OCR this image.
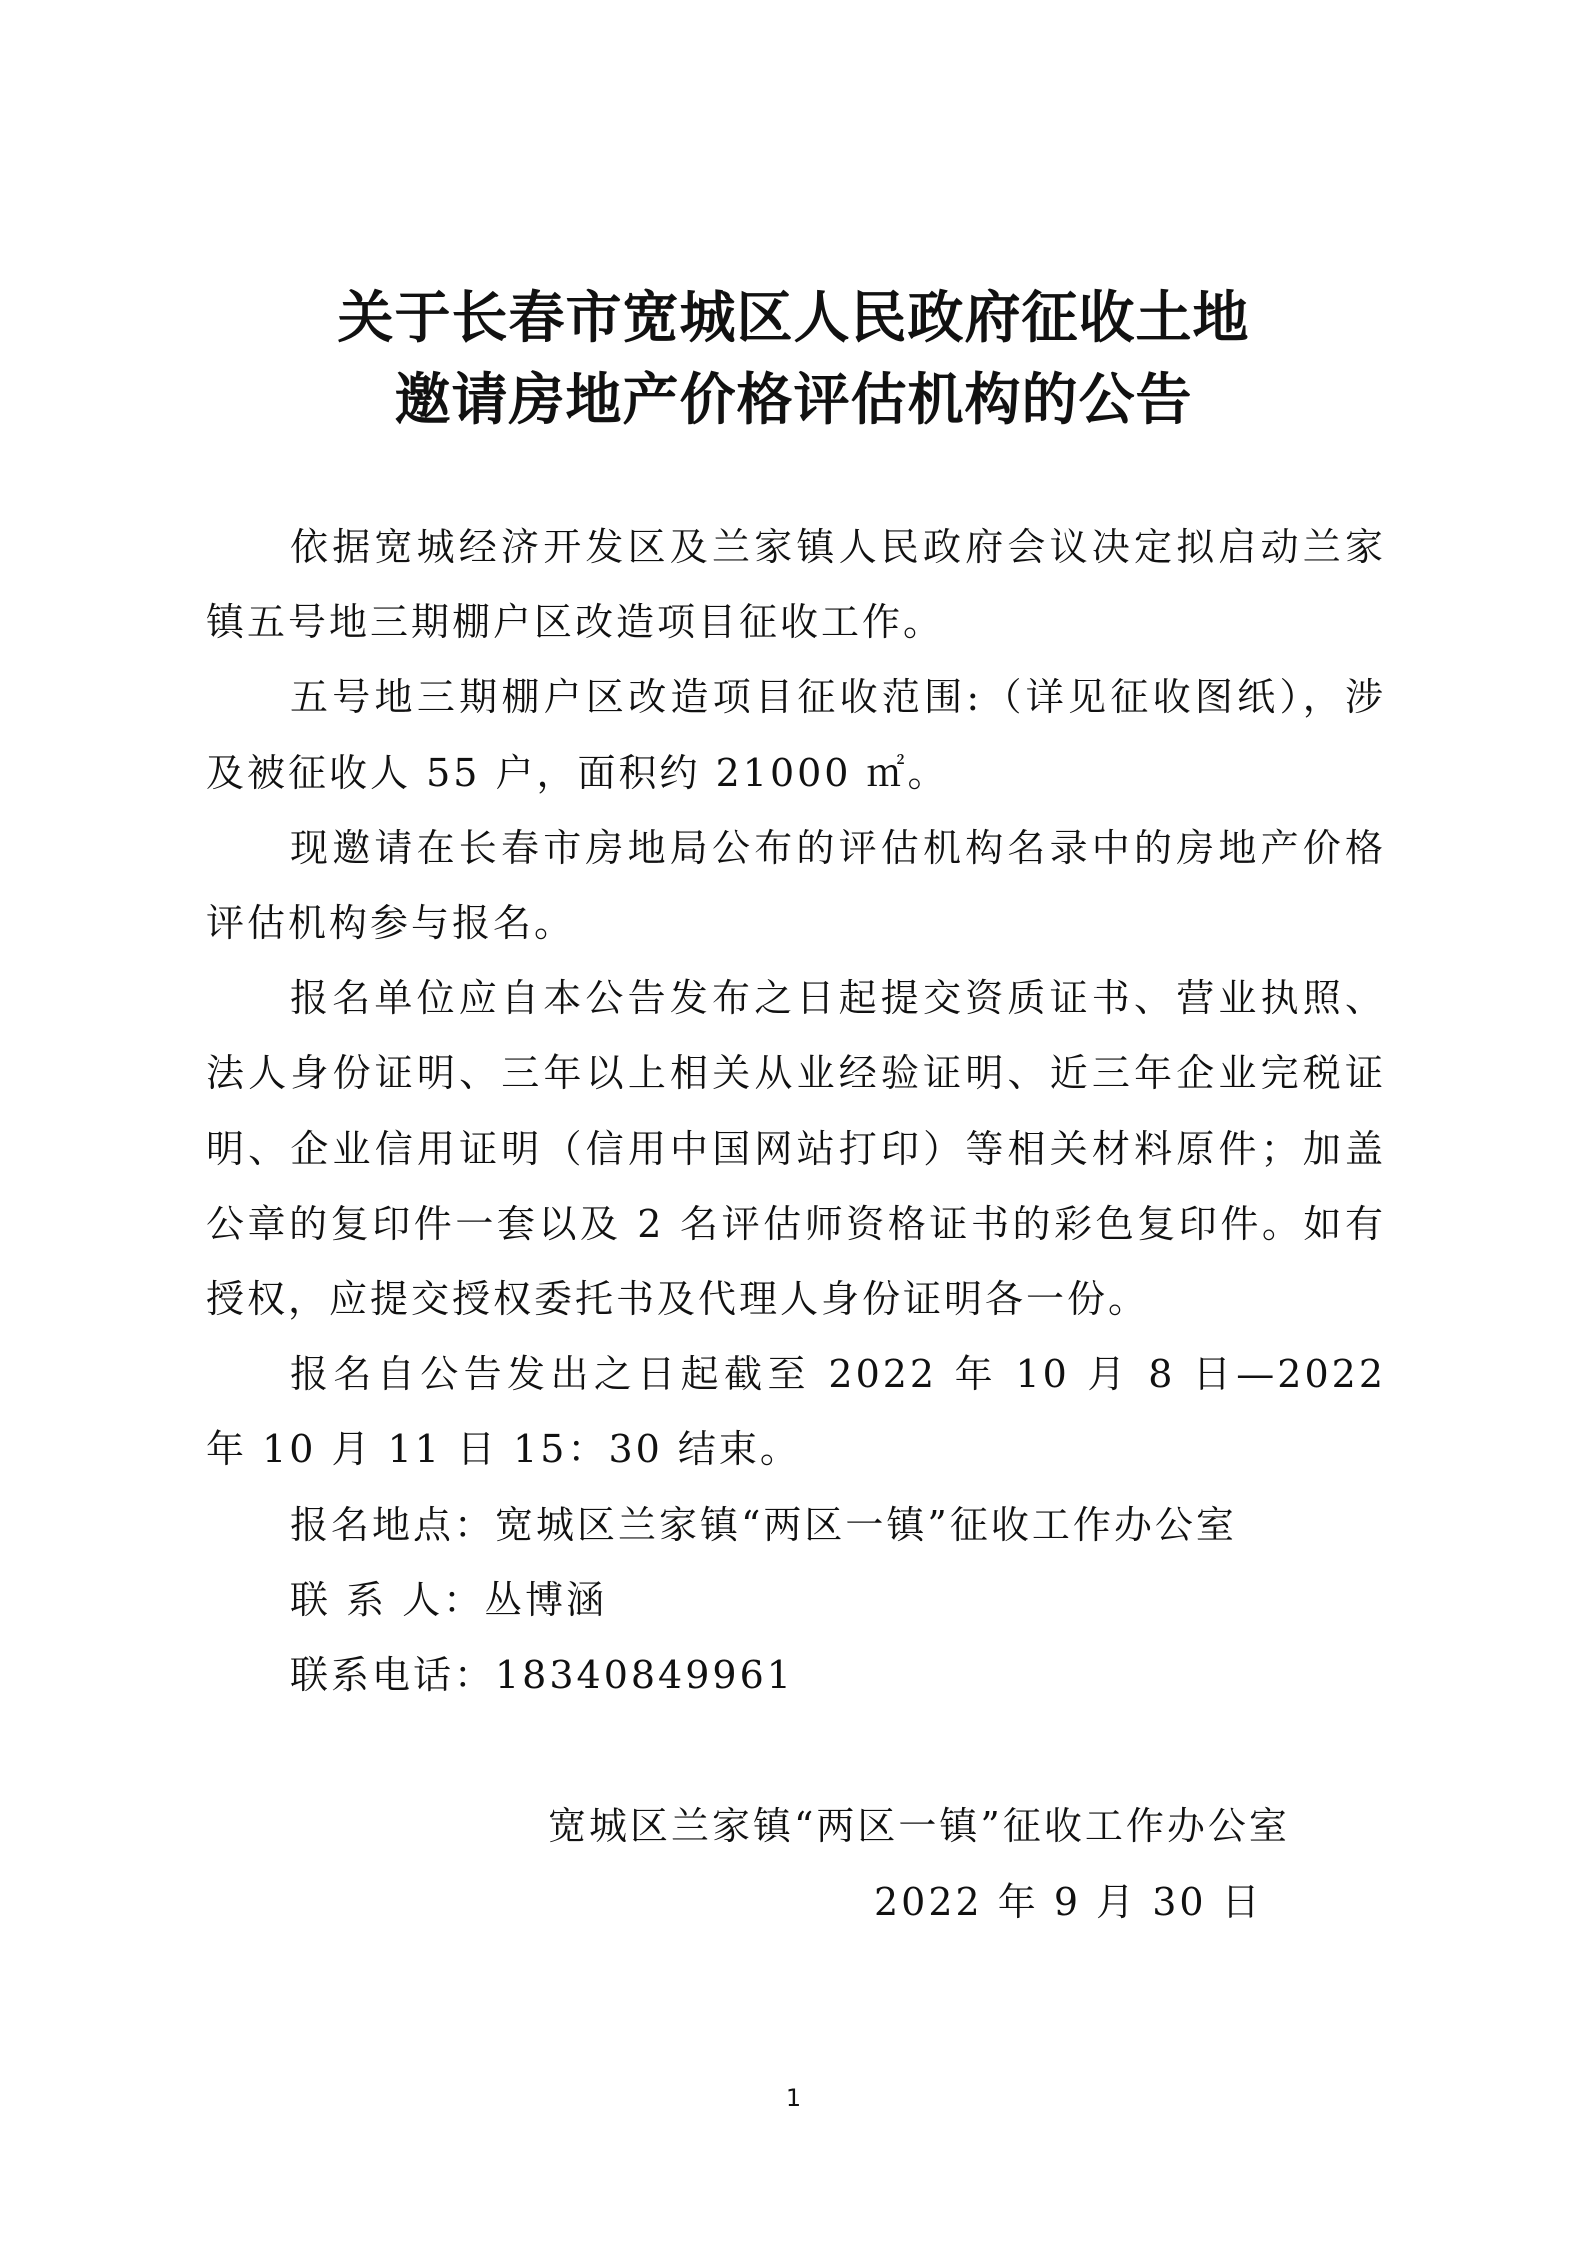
关于长春市宽城区人民政府征收土地
邀请房地产价格评估机构的公告

依据宽城经济开发区及兰家镇人民政府会议决定拟启动兰家镇五号地三期棚户区改造项目征收工作。

五号地三期棚户区改造项目征收范围:（详见征收图纸），涉及被征收人 55 户，面积约 21000 ㎡。

现邀请在长春市房地局公布的评估机构名录中的房地产价格评估机构参与报名。

报名单位应自本公告发布之日起提交资质证书、营业执照、法人身份证明、三年以上相关从业经验证明、近三年企业完税证明、企业信用证明（信用中国网站打印）等相关材料原件；加盖公章的复印件一套以及 2 名评估师资格证书的彩色复印件。如有授权，应提交授权委托书及代理人身份证明各一份。

报名自公告发出之日起截至 2022 年 10 月 8 日—2022 年 10 月 11 日 15：30 结束。

报名地点：宽城区兰家镇“两区一镇”征收工作办公室

联 系 人：丛博涵

联系电话：18340849961

宽城区兰家镇“两区一镇”征收工作办公室
2022 年 9 月 30 日
1
